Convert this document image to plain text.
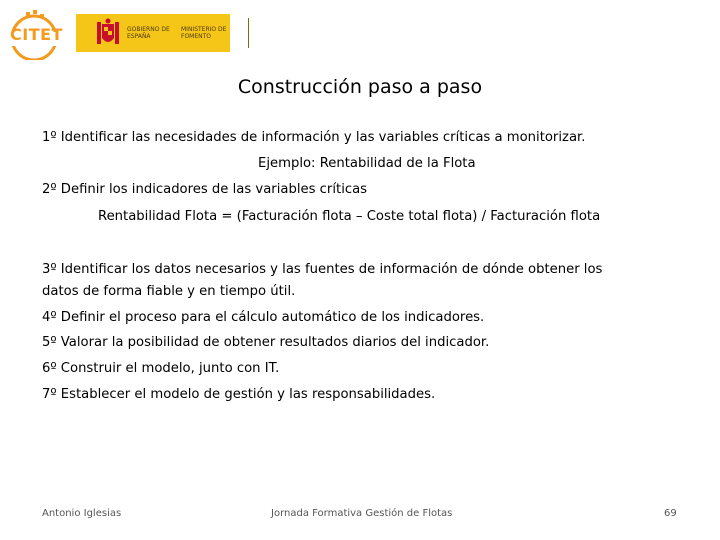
CITET	GOBIERNO DE ESPAÑA
MINISTERIO DE FOMENTO
Construcción paso a paso
1º Identificar las necesidades de información y las variables críticas a monitorizar.
Ejemplo: Rentabilidad de la Flota
2º Definir los indicadores de las variables críticas
Rentabilidad Flota = (Facturación flota – Coste total flota) / Facturación flota
3º Identificar los datos necesarios y las fuentes de información de dónde obtener los
datos de forma fiable y en tiempo útil.
4º Definir el proceso para el cálculo automático de los indicadores.
5º Valorar la posibilidad de obtener resultados diarios del indicador.
6º Construir el modelo, junto con IT.
7º Establecer el modelo de gestión y las responsabilidades.
Antonio Iglesias	Jornada Formativa Gestión de Flotas	69
